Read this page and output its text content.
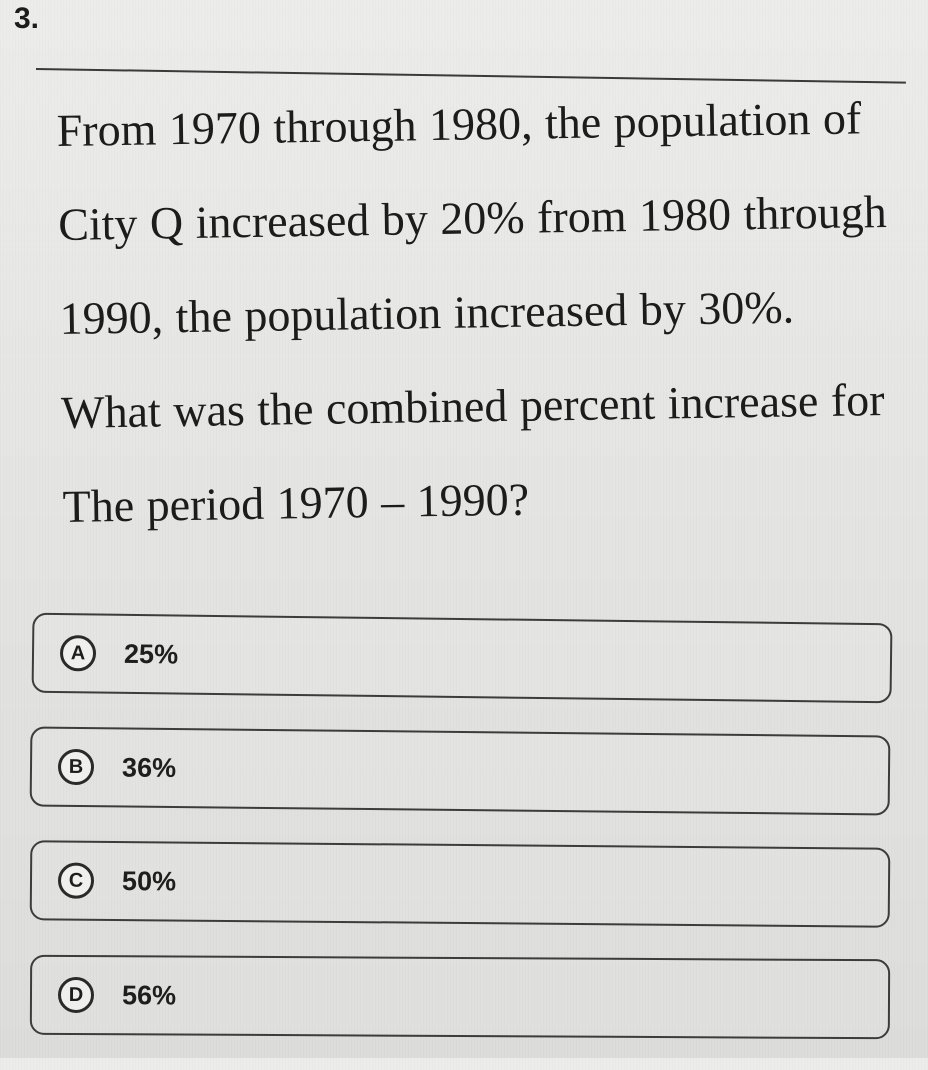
3.

From 1970 through 1980, the population of
City Q increased by 20% from 1980 through
1990, the population increased by 30%.
What was the combined percent increase for
The period 1970 – 1990?

A	25%
B	36%
C	50%
D	56%
